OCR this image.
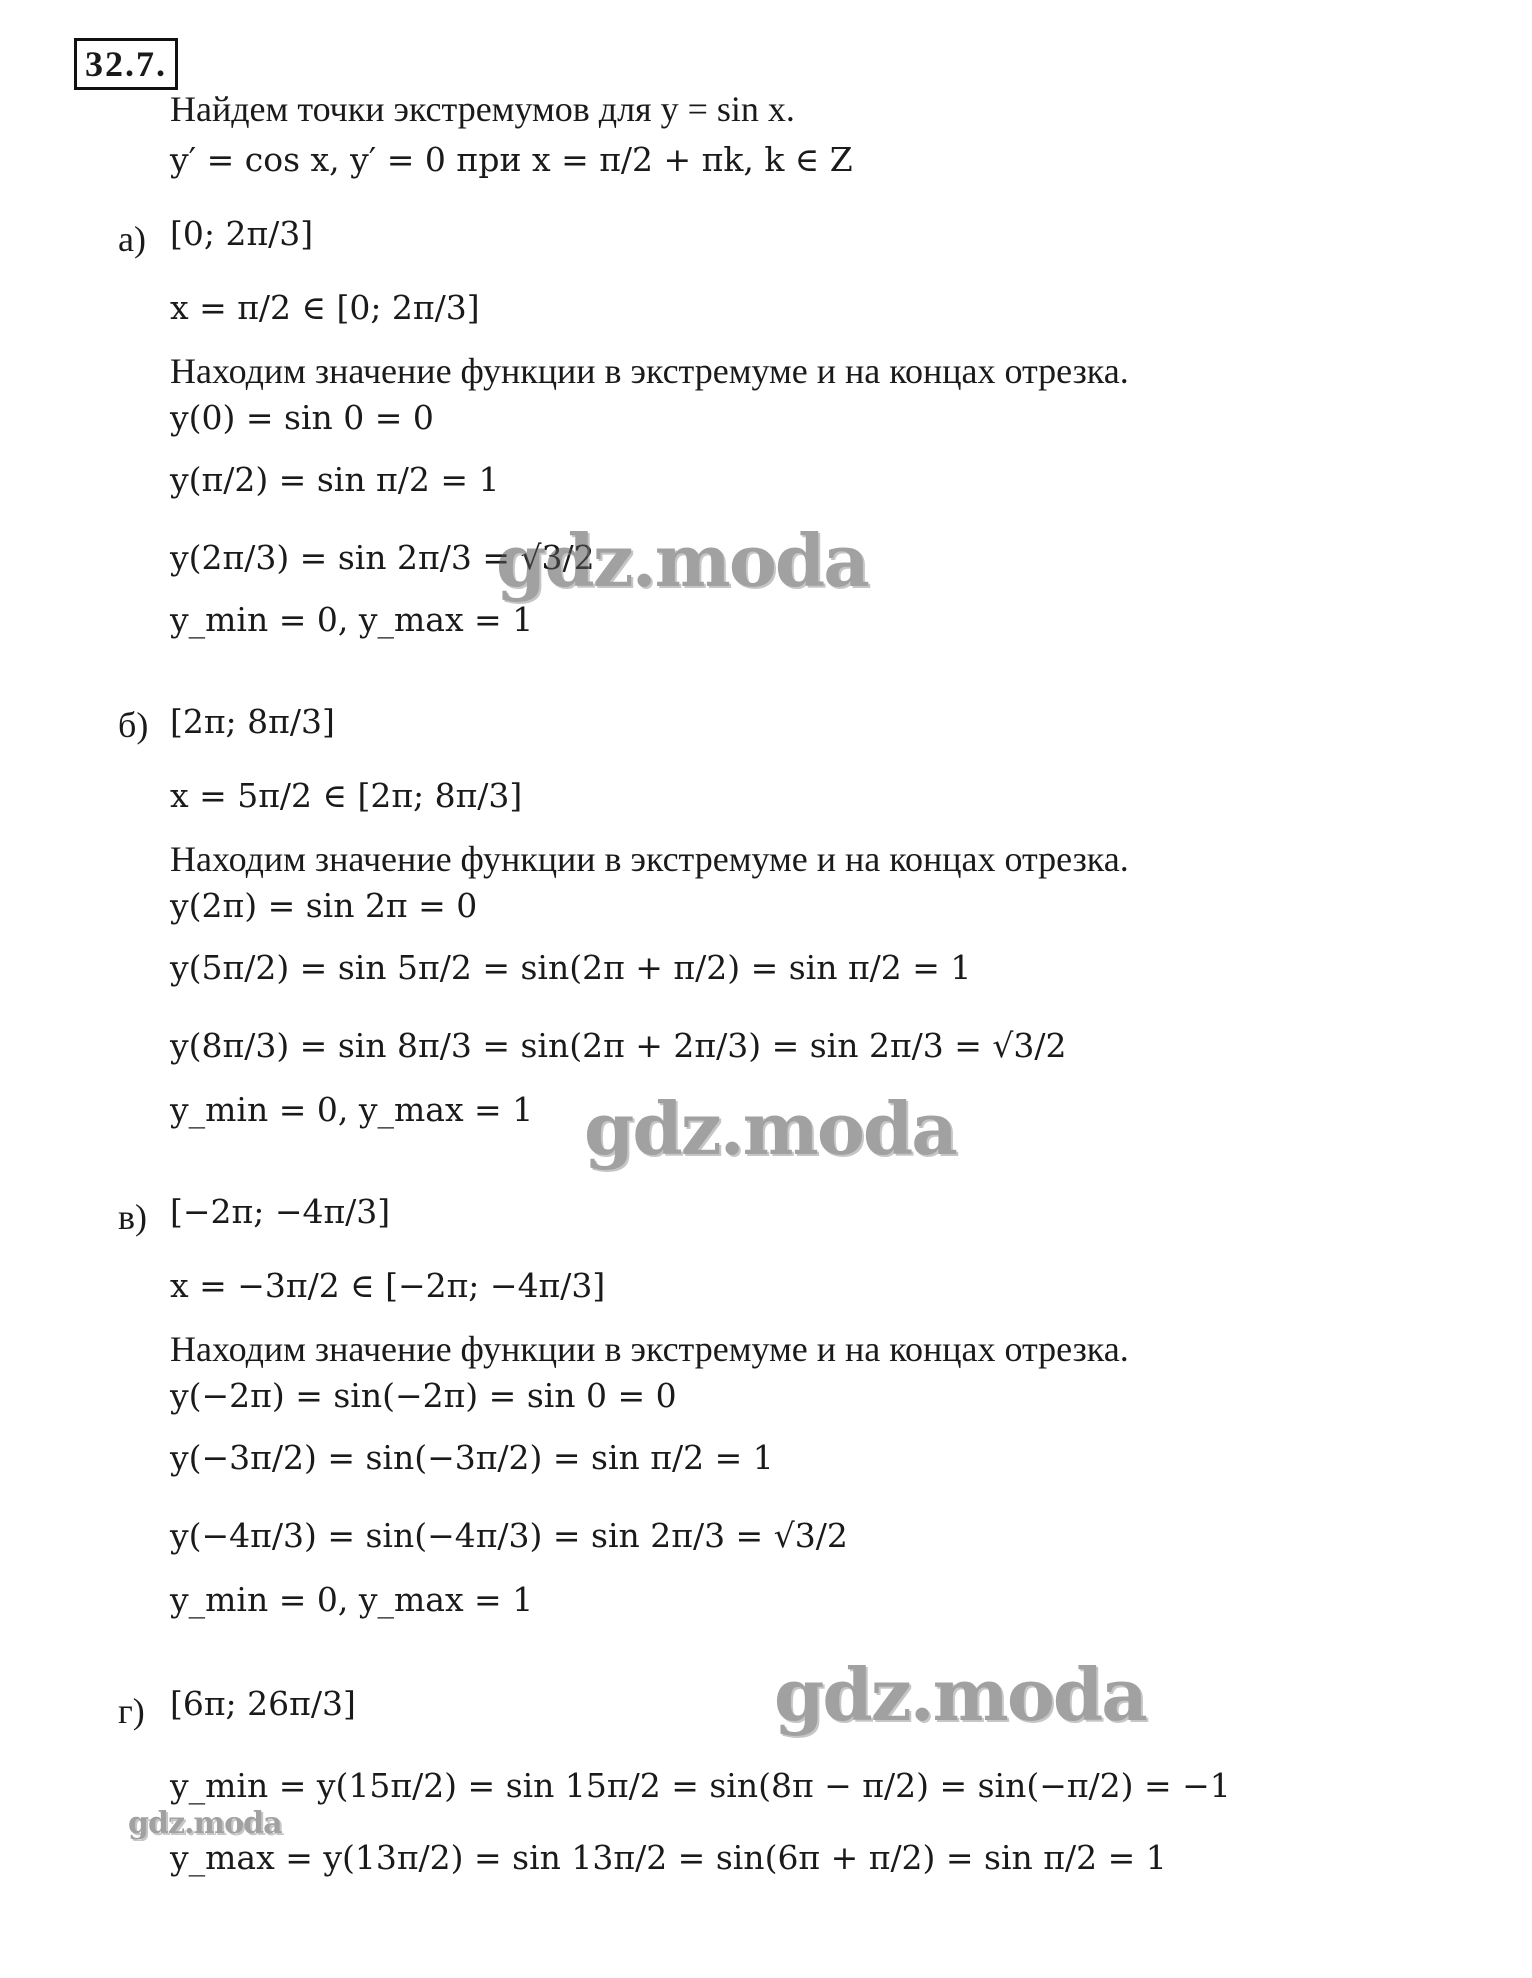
32.7.
Найдем точки экстремумов для y = sin x.
y′ = cos x, y′ = 0 при x = π/2 + πk, k ∈ Z
а) [0; 2π/3]
x = π/2 ∈ [0; 2π/3]
Находим значение функции в экстремуме и на концах отрезка.
y(0) = sin 0 = 0
y(π/2) = sin π/2 = 1
y(2π/3) = sin 2π/3 = √3/2
y_min = 0, y_max = 1
б) [2π; 8π/3]
x = 5π/2 ∈ [2π; 8π/3]
Находим значение функции в экстремуме и на концах отрезка.
y(2π) = sin 2π = 0
y(5π/2) = sin 5π/2 = sin(2π + π/2) = sin π/2 = 1
y(8π/3) = sin 8π/3 = sin(2π + 2π/3) = sin 2π/3 = √3/2
y_min = 0, y_max = 1
в) [−2π; −4π/3]
x = −3π/2 ∈ [−2π; −4π/3]
Находим значение функции в экстремуме и на концах отрезка.
y(−2π) = sin(−2π) = sin 0 = 0
y(−3π/2) = sin(−3π/2) = sin π/2 = 1
y(−4π/3) = sin(−4π/3) = sin 2π/3 = √3/2
y_min = 0, y_max = 1
г) [6π; 26π/3]
y_min = y(15π/2) = sin 15π/2 = sin(8π − π/2) = sin(−π/2) = −1
y_max = y(13π/2) = sin 13π/2 = sin(6π + π/2) = sin π/2 = 1
gdz.moda
gdz.moda
gdz.moda
gdz.moda
